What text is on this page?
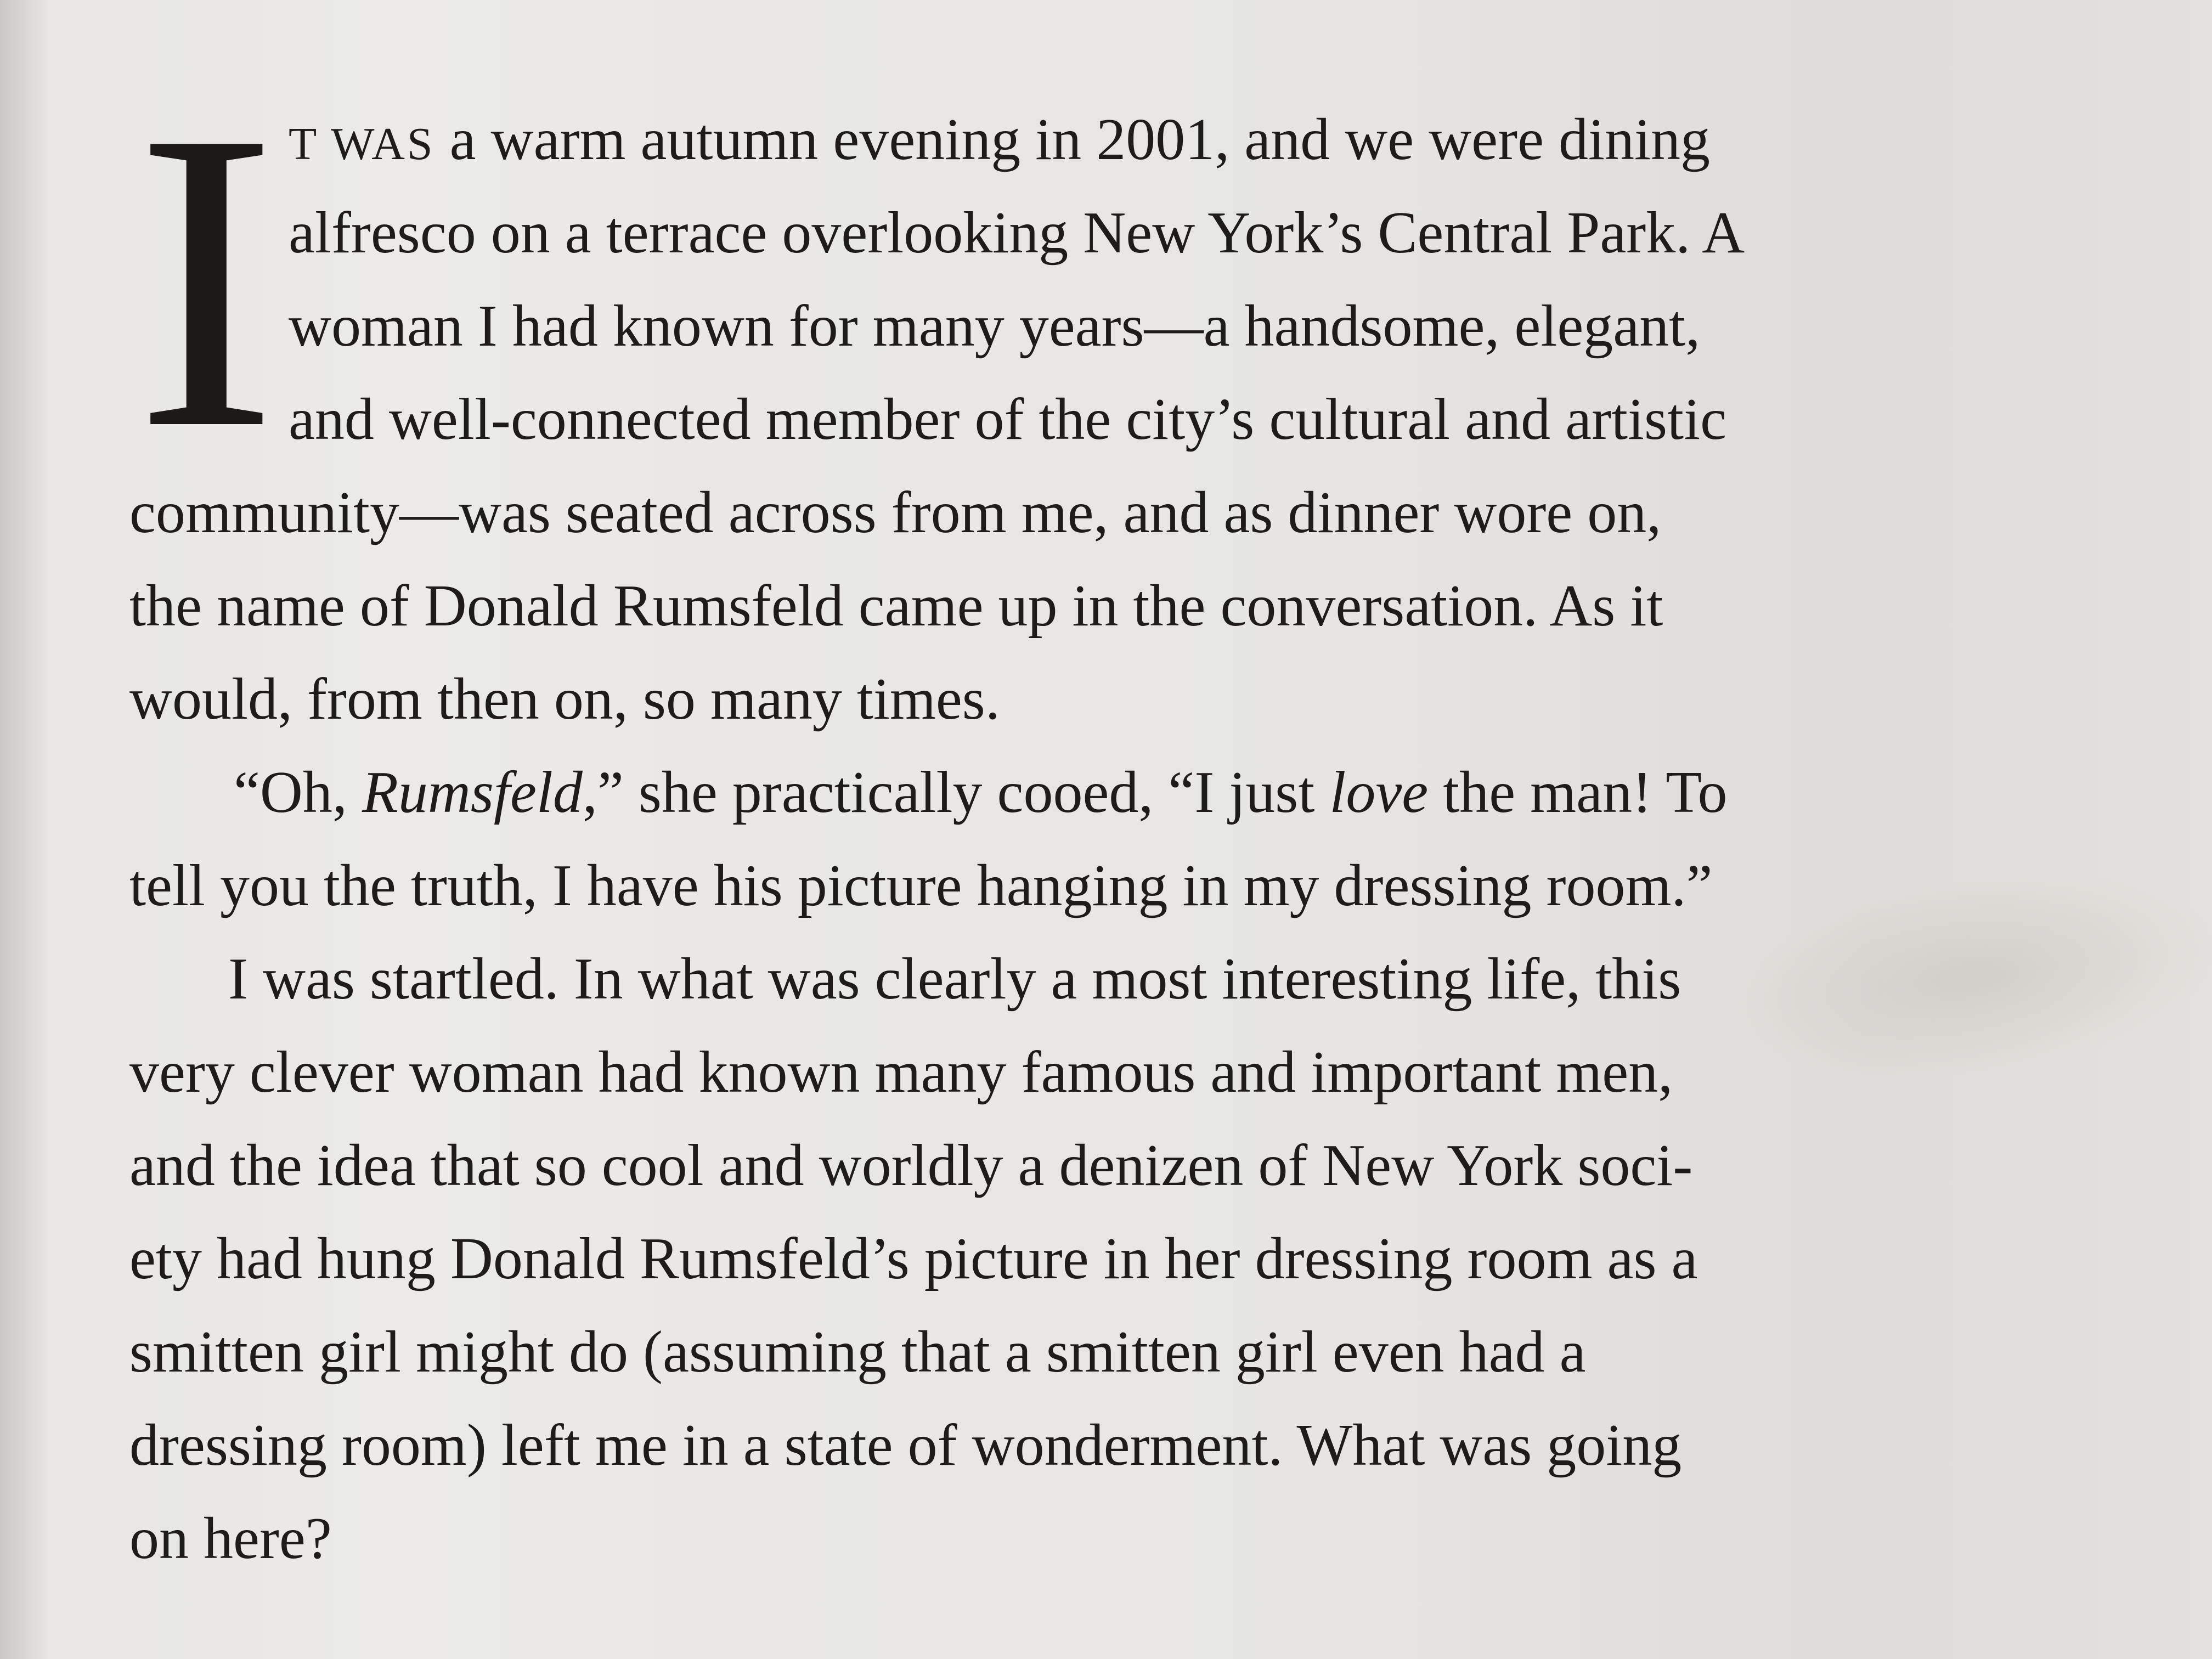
I T WAS a warm autumn evening in 2001, and we were dining
alfresco on a terrace overlooking New York’s Central Park. A
woman I had known for many years—a handsome, elegant,
and well-connected member of the city’s cultural and artistic
community—was seated across from me, and as dinner wore on,
the name of Donald Rumsfeld came up in the conversation. As it
would, from then on, so many times.
“Oh, Rumsfeld,” she practically cooed, “I just love the man! To
tell you the truth, I have his picture hanging in my dressing room.”
I was startled. In what was clearly a most interesting life, this
very clever woman had known many famous and important men,
and the idea that so cool and worldly a denizen of New York soci-
ety had hung Donald Rumsfeld’s picture in her dressing room as a
smitten girl might do (assuming that a smitten girl even had a
dressing room) left me in a state of wonderment. What was going
on here?
